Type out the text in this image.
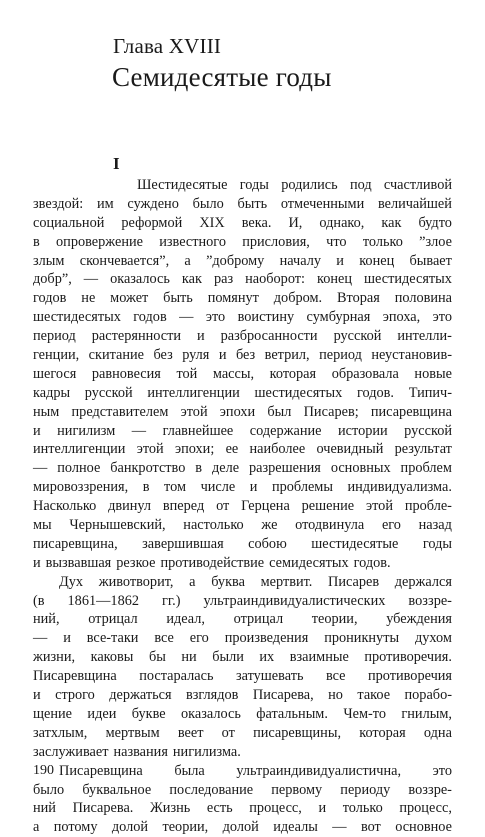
Глава XVIII
Семидесятые годы
I
Шестидесятые годы родились под счастливой
звездой: им суждено было быть отмеченными величайшей
социальной реформой XIX века. И, однако, как будто
в опровержение известного присловия, что только ”злое
злым скончевается”, а ”доброму началу и конец бывает
добр”, — оказалось как раз наоборот: конец шестидесятых
годов не может быть помянут добром. Вторая половина
шестидесятых годов — это воистину сумбурная эпоха, это
период растерянности и разбросанности русской интелли-
генции, скитание без руля и без ветрил, период неустановив-
шегося равновесия той массы, которая образовала новые
кадры русской интеллигенции шестидесятых годов. Типич-
ным представителем этой эпохи был Писарев; писаревщина
и нигилизм — главнейшее содержание истории русской
интеллигенции этой эпохи; ее наиболее очевидный результат
— полное банкротство в деле разрешения основных проблем
мировоззрения, в том числе и проблемы индивидуализма.
Насколько двинул вперед от Герцена решение этой пробле-
мы Чернышевский, настолько же отодвинула его назад
писаревщина, завершившая собою шестидесятые годы
и вызвавшая резкое противодействие семидесятых годов.
Дух животворит, а буква мертвит. Писарев держался
(в 1861—1862 гг.) ультраиндивидуалистических воззре-
ний, отрицал идеал, отрицал теории, убеждения
— и все-таки все его произведения проникнуты духом
жизни, каковы бы ни были их взаимные противоречия.
Писаревщина постаралась затушевать все противоречия
и строго держаться взглядов Писарева, но такое порабо-
щение идеи букве оказалось фатальным. Чем-то гнилым,
затхлым, мертвым веет от писаревщины, которая одна
заслуживает названия нигилизма.
Писаревщина была ультраиндивидуалистична, это
было буквальное последование первому периоду воззре-
ний Писарева. Жизнь есть процесс, и только процесс,
а потому долой теории, долой идеалы — вот основное
190
